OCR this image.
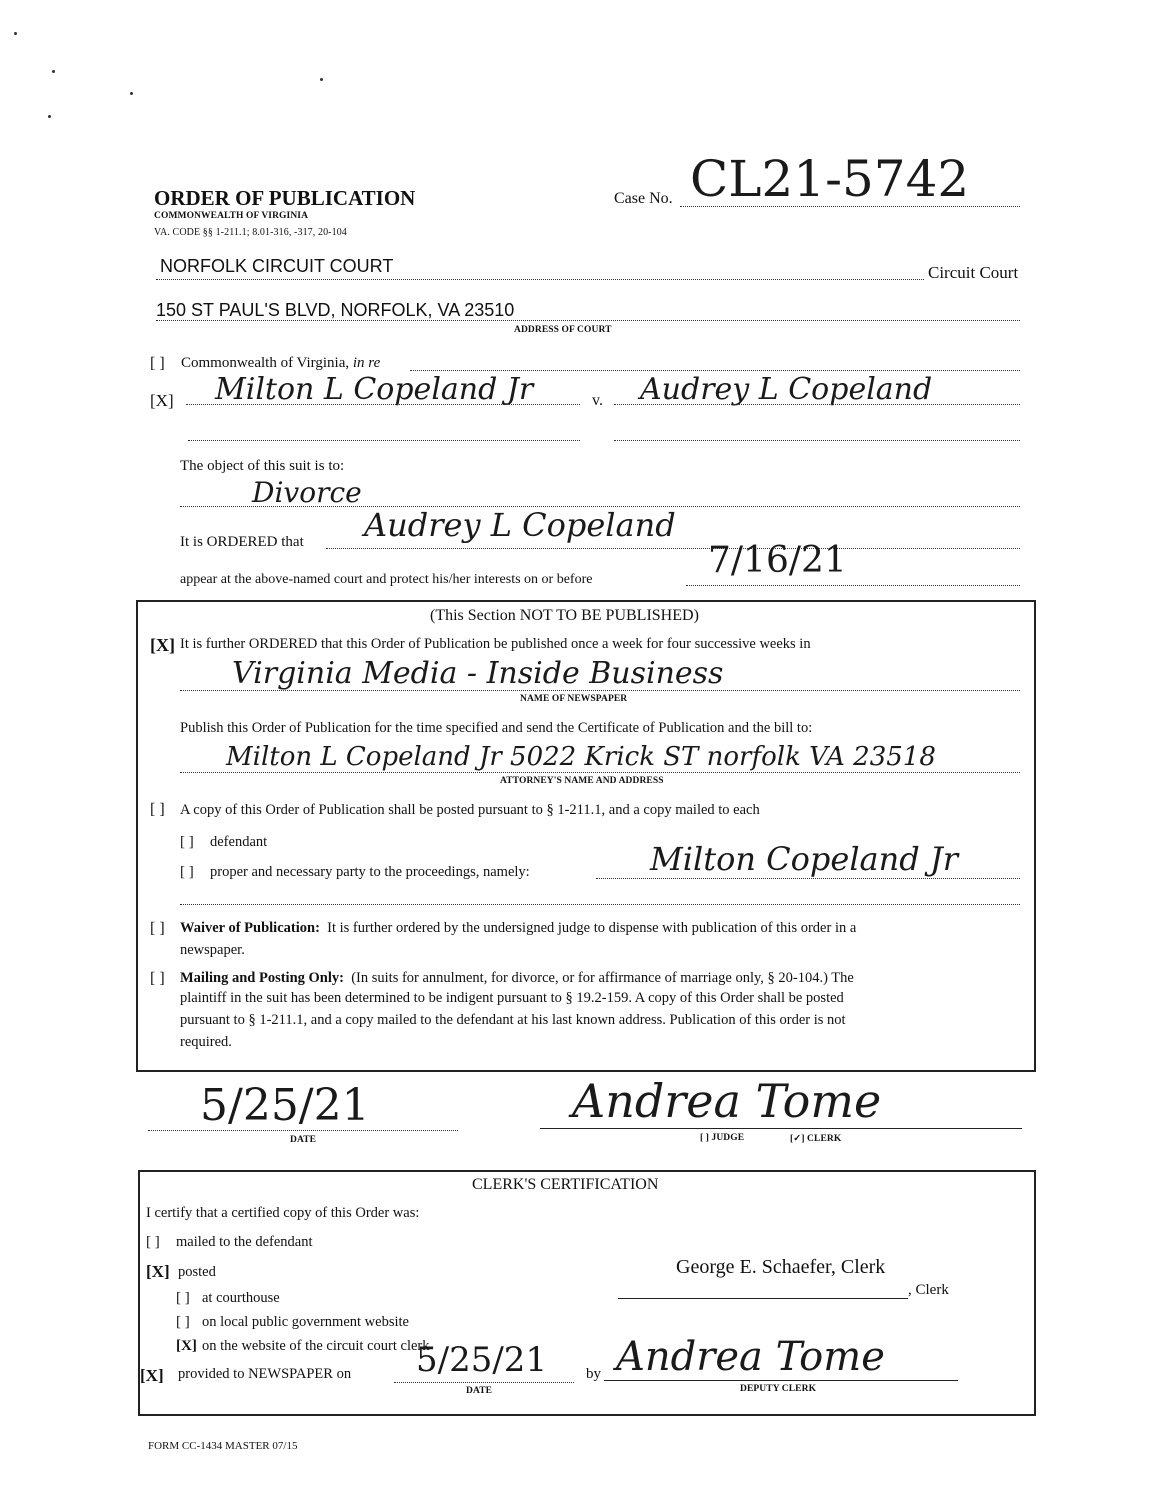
ORDER OF PUBLICATION
COMMONWEALTH OF VIRGINIA
VA. CODE §§ 1-211.1; 8.01-316, -317, 20-104
Case No. CL21-5742
NORFOLK CIRCUIT COURT	Circuit Court
150 ST PAUL'S BLVD, NORFOLK, VA 23510
ADDRESS OF COURT
[ ] Commonwealth of Virginia, in re
[X] Milton L Copeland Jr	v. Audrey L Copeland
The object of this suit is to:
Divorce
It is ORDERED that Audrey L Copeland
appear at the above-named court and protect his/her interests on or before	7/16/21
(This Section NOT TO BE PUBLISHED)
[X] It is further ORDERED that this Order of Publication be published once a week for four successive weeks in
Virginia Media - Inside Business
NAME OF NEWSPAPER
Publish this Order of Publication for the time specified and send the Certificate of Publication and the bill to:
Milton L Copeland Jr 5022 Krick ST norfolk VA 23518
ATTORNEY'S NAME AND ADDRESS
[ ] A copy of this Order of Publication shall be posted pursuant to § 1-211.1, and a copy mailed to each
[ ] defendant
[ ] proper and necessary party to the proceedings, namely:	Milton Copeland Jr
[ ] Waiver of Publication: It is further ordered by the undersigned judge to dispense with publication of this order in a
newspaper.
[ ] Mailing and Posting Only: (In suits for annulment, for divorce, or for affirmance of marriage only, § 20-104.) The
plaintiff in the suit has been determined to be indigent pursuant to § 19.2-159. A copy of this Order shall be posted
pursuant to § 1-211.1, and a copy mailed to the defendant at his last known address. Publication of this order is not
required.
5/25/21
DATE
Andrea Tome
[ ] JUDGE	[✓] CLERK
CLERK'S CERTIFICATION
I certify that a certified copy of this Order was:
[ ] mailed to the defendant
[X] posted
[ ] at courthouse
[ ] on local public government website
[X] on the website of the circuit court clerk
[X] provided to NEWSPAPER on 5/25/21
DATE
by Andrea Tome
DEPUTY CLERK
George E. Schaefer, Clerk
, Clerk
FORM CC-1434 MASTER 07/15
